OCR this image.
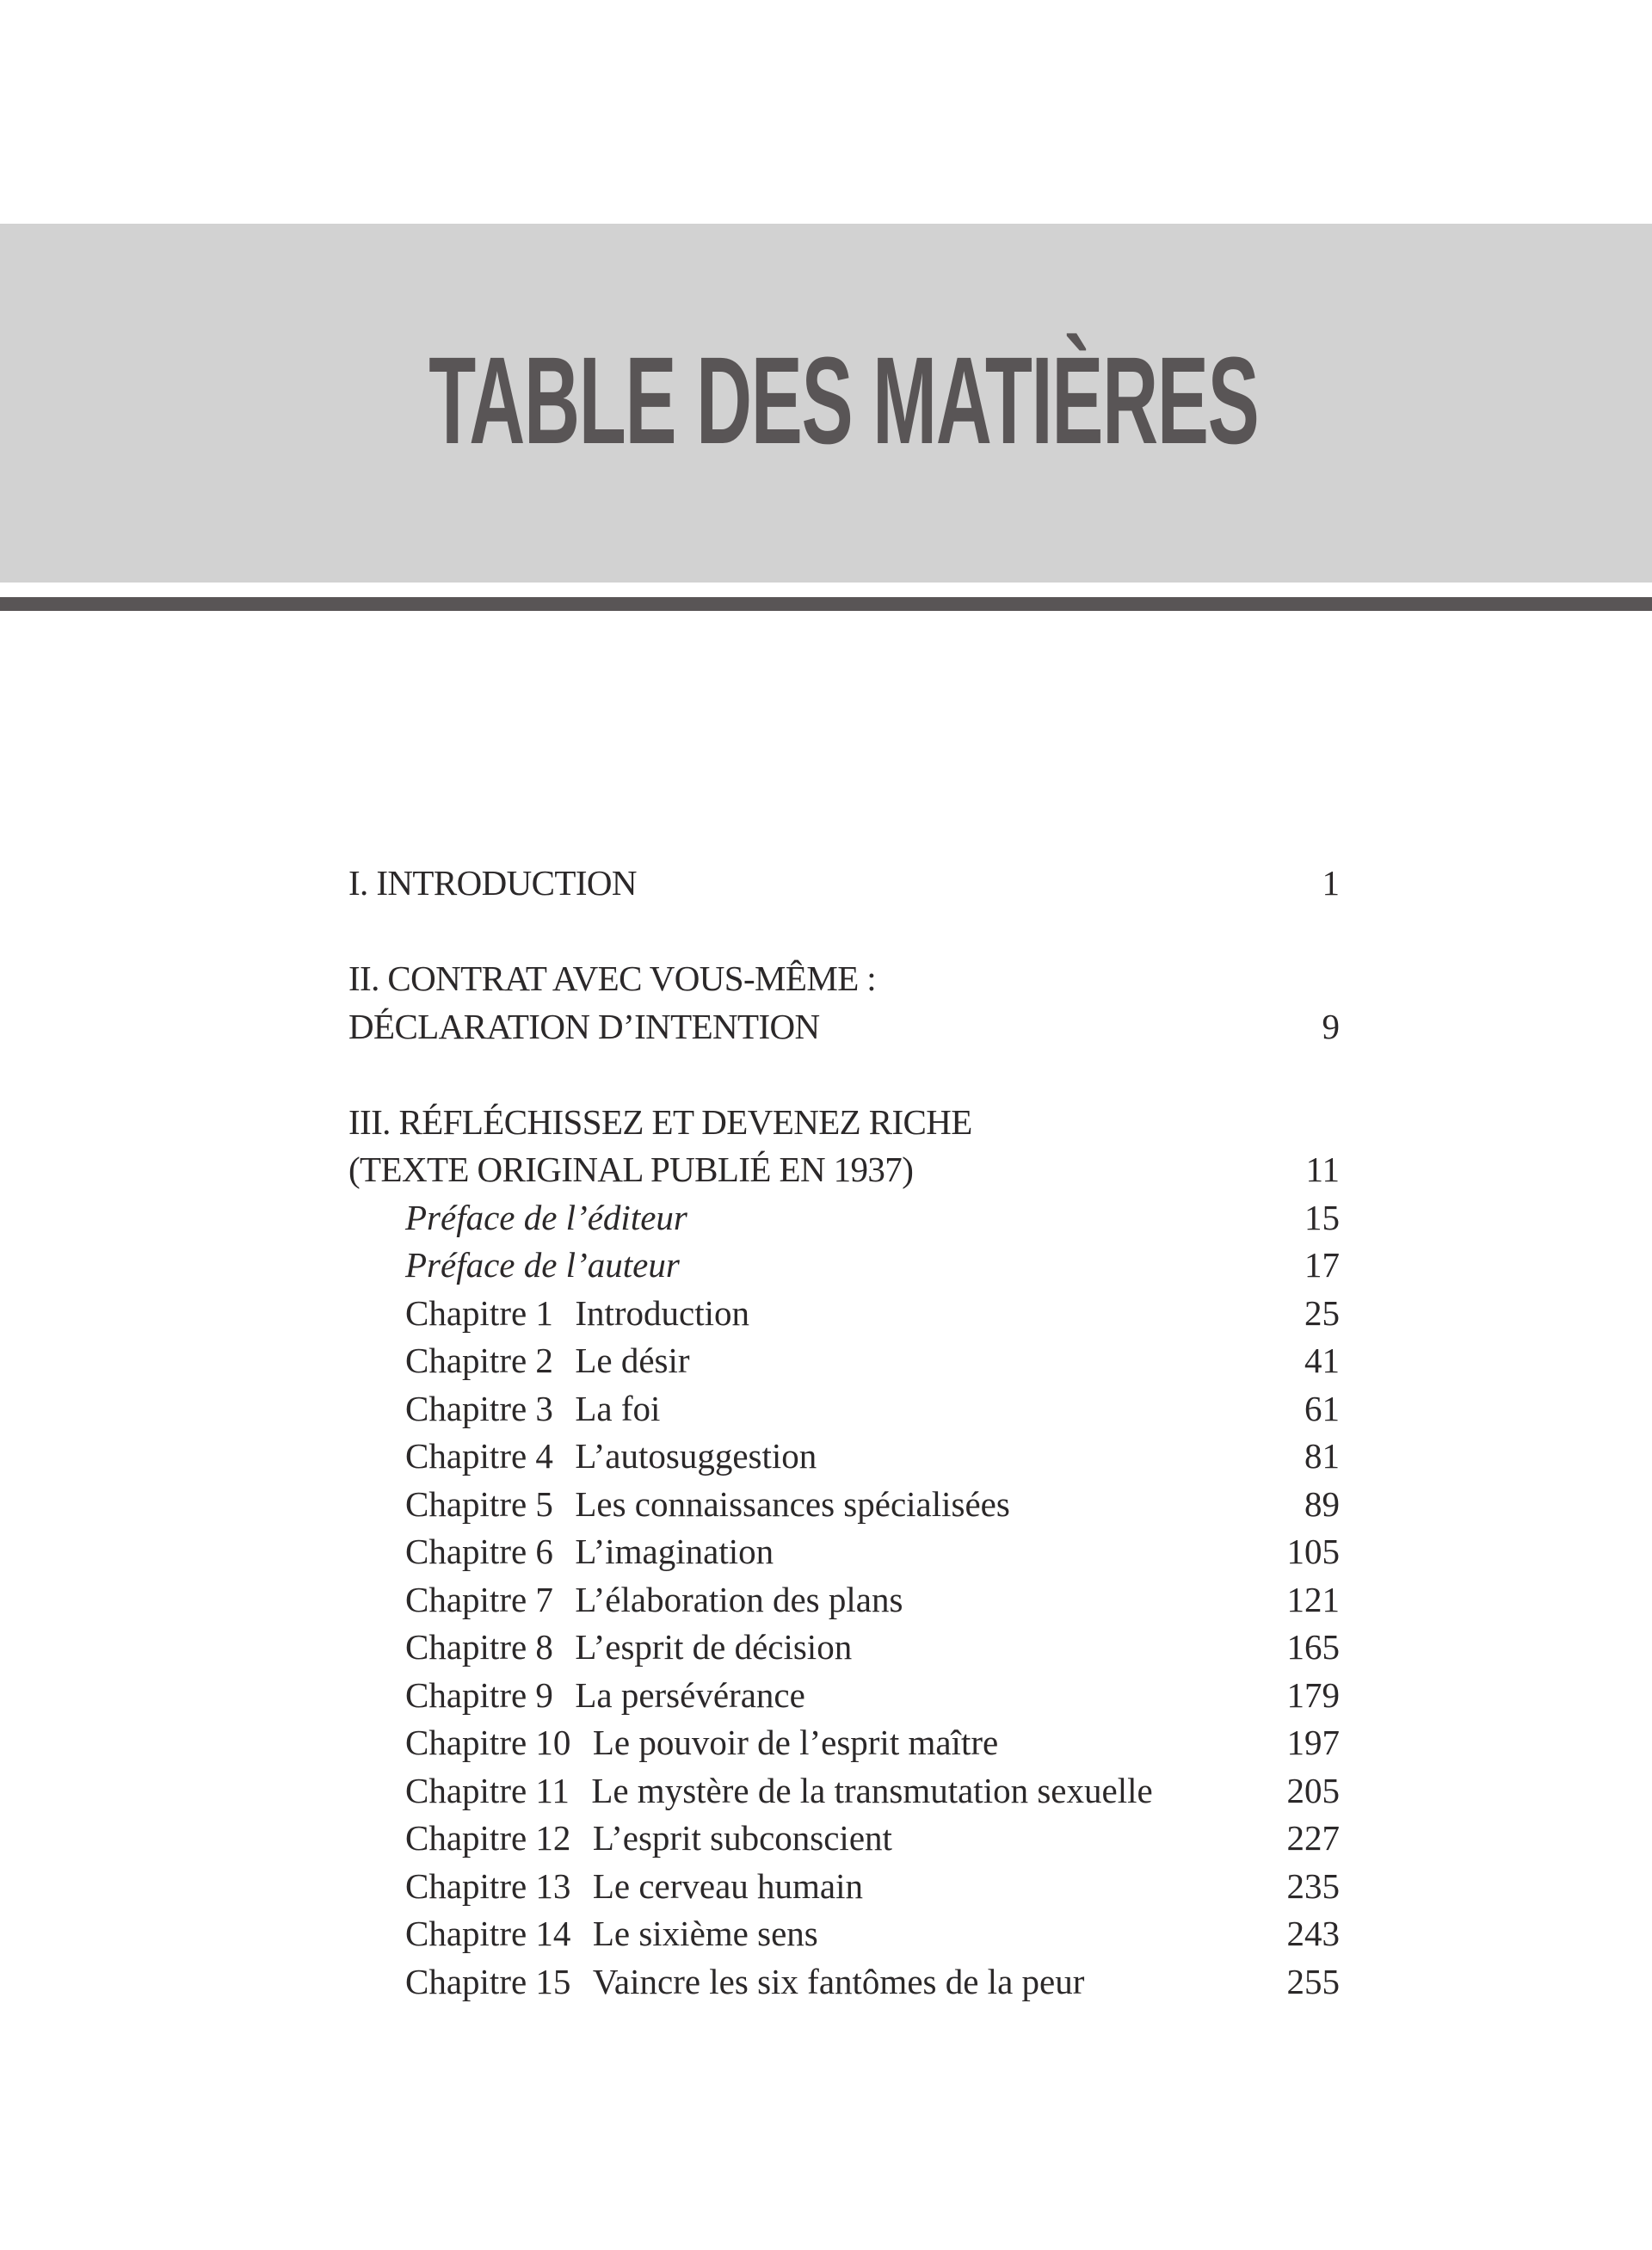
TABLE DES MATIÈRES
I. INTRODUCTION	1
II. CONTRAT AVEC VOUS-MÊME :
DÉCLARATION D’INTENTION	9
III. RÉFLÉCHISSEZ ET DEVENEZ RICHE
(TEXTE ORIGINAL PUBLIÉ EN 1937)	11
Préface de l’éditeur	15
Préface de l’auteur	17
Chapitre 1 Introduction	25
Chapitre 2 Le désir	41
Chapitre 3 La foi	61
Chapitre 4 L’autosuggestion	81
Chapitre 5 Les connaissances spécialisées	89
Chapitre 6 L’imagination	105
Chapitre 7 L’élaboration des plans	121
Chapitre 8 L’esprit de décision	165
Chapitre 9 La persévérance	179
Chapitre 10 Le pouvoir de l’esprit maître	197
Chapitre 11 Le mystère de la transmutation sexuelle	205
Chapitre 12 L’esprit subconscient	227
Chapitre 13 Le cerveau humain	235
Chapitre 14 Le sixième sens	243
Chapitre 15 Vaincre les six fantômes de la peur	255
